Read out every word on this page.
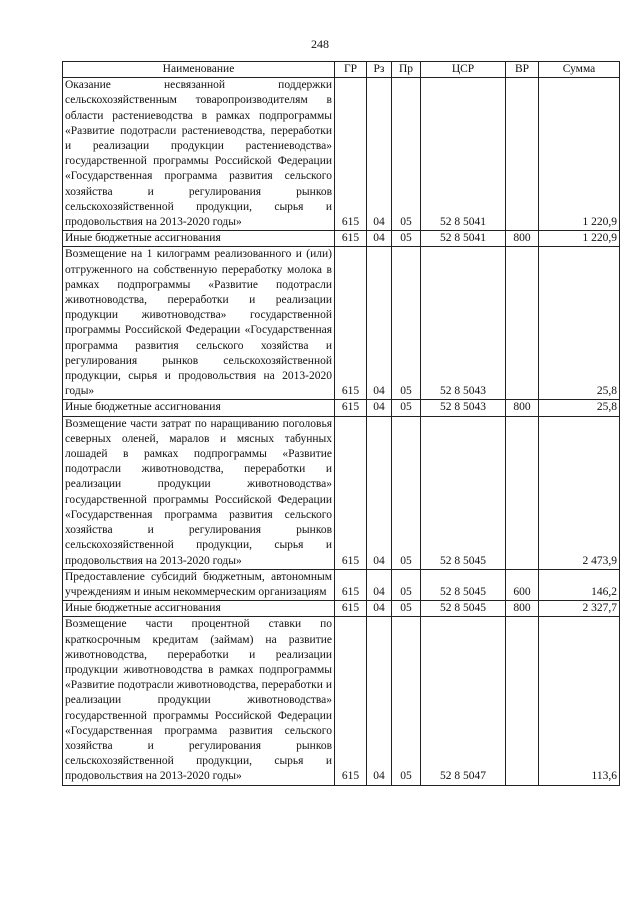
248
Наименование	ГР	Рз	Пр	ЦСР	ВР	Сумма
Оказание несвязанной поддержки сельскохозяйственным товаропроизводителям в области растениеводства в рамках подпрограммы «Развитие подотрасли растениеводства, переработки и реализации продукции растениеводства» государственной программы Российской Федерации «Государственная программа развития сельского хозяйства и регулирования рынков сельскохозяйственной продукции, сырья и продовольствия на 2013-2020 годы»	615	04	05	52 8 5041		1 220,9
Иные бюджетные ассигнования	615	04	05	52 8 5041	800	1 220,9
Возмещение на 1 килограмм реализованного и (или) отгруженного на собственную переработку молока в рамках подпрограммы «Развитие подотрасли животноводства, переработки и реализации продукции животноводства» государственной программы Российской Федерации «Государственная программа развития сельского хозяйства и регулирования рынков сельскохозяйственной продукции, сырья и продовольствия на 2013-2020 годы»	615	04	05	52 8 5043		25,8
Иные бюджетные ассигнования	615	04	05	52 8 5043	800	25,8
Возмещение части затрат по наращиванию поголовья северных оленей, маралов и мясных табунных лошадей в рамках подпрограммы «Развитие подотрасли животноводства, переработки и реализации продукции животноводства» государственной программы Российской Федерации «Государственная программа развития сельского хозяйства и регулирования рынков сельскохозяйственной продукции, сырья и продовольствия на 2013-2020 годы»	615	04	05	52 8 5045		2 473,9
Предоставление субсидий бюджетным, автономным учреждениям и иным некоммерческим организациям	615	04	05	52 8 5045	600	146,2
Иные бюджетные ассигнования	615	04	05	52 8 5045	800	2 327,7
Возмещение части процентной ставки по краткосрочным кредитам (займам) на развитие животноводства, переработки и реализации продукции животноводства в рамках подпрограммы «Развитие подотрасли животноводства, переработки и реализации продукции животноводства» государственной программы Российской Федерации «Государственная программа развития сельского хозяйства и регулирования рынков сельскохозяйственной продукции, сырья и продовольствия на 2013-2020 годы»	615	04	05	52 8 5047		113,6
